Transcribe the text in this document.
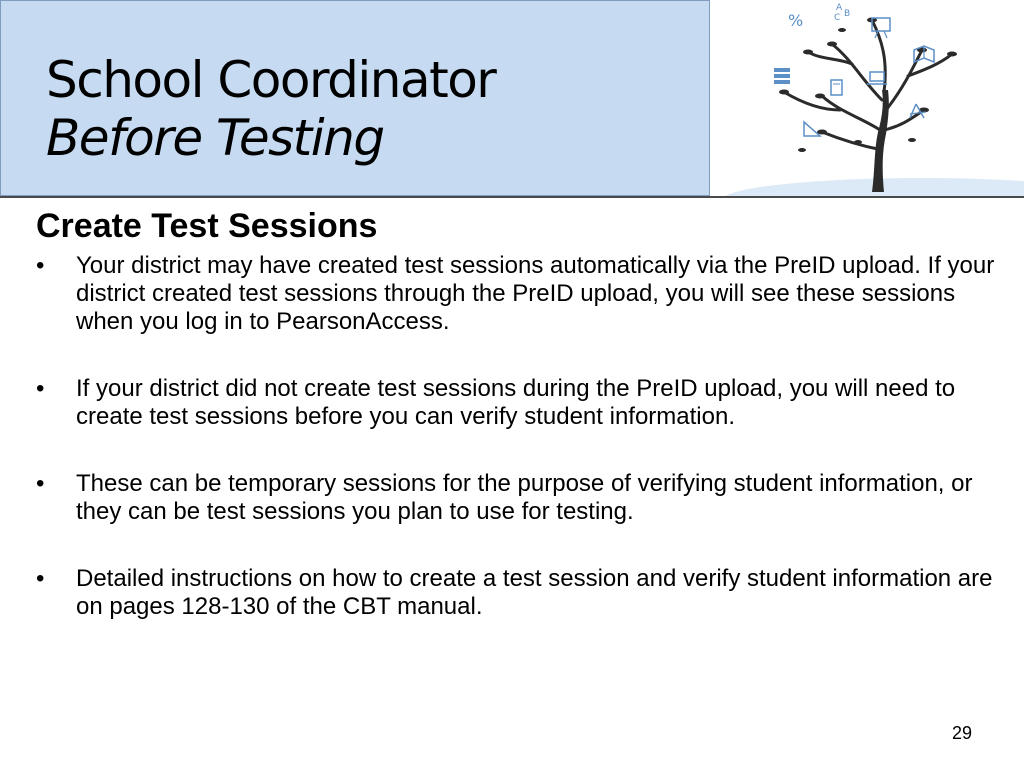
School Coordinator
Before Testing
%
A
C B
Create Test Sessions
• Your district may have created test sessions automatically via the PreID upload. If your district created test sessions through the PreID upload, you will see these sessions when you log in to PearsonAccess.
• If your district did not create test sessions during the PreID upload, you will need to create test sessions before you can verify student information.
• These can be temporary sessions for the purpose of verifying student information, or they can be test sessions you plan to use for testing.
• Detailed instructions on how to create a test session and verify student information are on pages 128-130 of the CBT manual.
29
